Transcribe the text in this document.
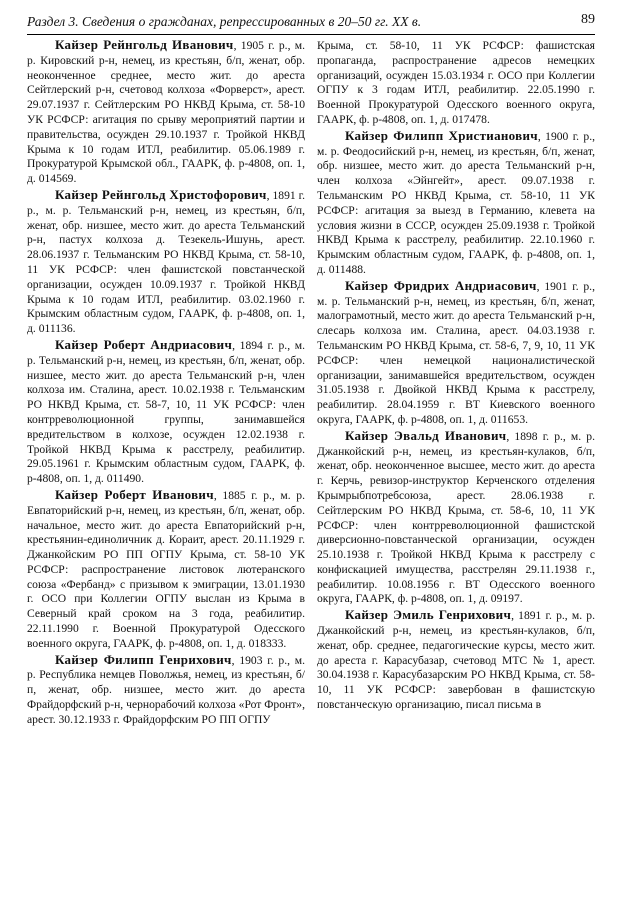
Раздел 3. Сведения о гражданах, репрессированных в 20–50 гг. XX в.	89

Кайзер Рейнгольд Иванович, 1905 г. р., м. р. Кировский р-н, немец, из крестьян, б/п, женат, обр. неоконченное среднее, место жит. до ареста Сейтлерский р-н, счетовод колхоза «Форверст», арест. 29.07.1937 г. Сейтлерским РО НКВД Крыма, ст. 58-10 УК РСФСР: агитация по срыву мероприятий партии и правительства, осужден 29.10.1937 г. Тройкой НКВД Крыма к 10 годам ИТЛ, реабилитир. 05.06.1989 г. Прокуратурой Крымской обл., ГААРК, ф. р-4808, оп. 1, д. 014569.

Кайзер Рейнгольд Христофорович, 1891 г. р., м. р. Тельманский р-н, немец, из крестьян, б/п, женат, обр. низшее, место жит. до ареста Тельманский р-н, пастух колхоза д. Тезекель-Ишунь, арест. 28.06.1937 г. Тельманским РО НКВД Крыма, ст. 58-10, 11 УК РСФСР: член фашистской повстанческой организации, осужден 10.09.1937 г. Тройкой НКВД Крыма к 10 годам ИТЛ, реабилитир. 03.02.1960 г. Крымским областным судом, ГААРК, ф. р-4808, оп. 1, д. 011136.

Кайзер Роберт Андриасович, 1894 г. р., м. р. Тельманский р-н, немец, из крестьян, б/п, женат, обр. низшее, место жит. до ареста Тельманский р-н, член колхоза им. Сталина, арест. 10.02.1938 г. Тельманским РО НКВД Крыма, ст. 58-7, 10, 11 УК РСФСР: член контрреволюционной группы, занимавшейся вредительством в колхозе, осужден 12.02.1938 г. Тройкой НКВД Крыма к расстрелу, реабилитир. 29.05.1961 г. Крымским областным судом, ГААРК, ф. р-4808, оп. 1, д. 011490.

Кайзер Роберт Иванович, 1885 г. р., м. р. Евпаторийский р-н, немец, из крестьян, б/п, женат, обр. начальное, место жит. до ареста Евпаторийский р-н, крестьянин-единоличник д. Кораит, арест. 20.11.1929 г. Джанкойским РО ПП ОГПУ Крыма, ст. 58-10 УК РСФСР: распространение листовок лютеранского союза «Фербанд» с призывом к эмиграции, 13.01.1930 г. ОСО при Коллегии ОГПУ выслан из Крыма в Северный край сроком на 3 года, реабилитир. 22.11.1990 г. Военной Прокуратурой Одесского военного округа, ГААРК, ф. р-4808, оп. 1, д. 018333.

Кайзер Филипп Генрихович, 1903 г. р., м. р. Республика немцев Поволжья, немец, из крестьян, б/п, женат, обр. низшее, место жит. до ареста Фрайдорфский р-н, чернорабочий колхоза «Рот Фронт», арест. 30.12.1933 г. Фрайдорфским РО ПП ОГПУ

Крыма, ст. 58-10, 11 УК РСФСР: фашистская пропаганда, распространение адресов немецких организаций, осужден 15.03.1934 г. ОСО при Коллегии ОГПУ к 3 годам ИТЛ, реабилитир. 22.05.1990 г. Военной Прокуратурой Одесского военного округа, ГААРК, ф. р-4808, оп. 1, д. 017478.

Кайзер Филипп Христианович, 1900 г. р., м. р. Феодосийский р-н, немец, из крестьян, б/п, женат, обр. низшее, место жит. до ареста Тельманский р-н, член колхоза «Эйнгейт», арест. 09.07.1938 г. Тельманским РО НКВД Крыма, ст. 58-10, 11 УК РСФСР: агитация за выезд в Германию, клевета на условия жизни в СССР, осужден 25.09.1938 г. Тройкой НКВД Крыма к расстрелу, реабилитир. 22.10.1960 г. Крымским областным судом, ГААРК, ф. р-4808, оп. 1, д. 011488.

Кайзер Фридрих Андриасович, 1901 г. р., м. р. Тельманский р-н, немец, из крестьян, б/п, женат, малограмотный, место жит. до ареста Тельманский р-н, слесарь колхоза им. Сталина, арест. 04.03.1938 г. Тельманским РО НКВД Крыма, ст. 58-6, 7, 9, 10, 11 УК РСФСР: член немецкой националистической организации, занимавшейся вредительством, осужден 31.05.1938 г. Двойкой НКВД Крыма к расстрелу, реабилитир. 28.04.1959 г. ВТ Киевского военного округа, ГААРК, ф. р-4808, оп. 1, д. 011653.

Кайзер Эвальд Иванович, 1898 г. р., м. р. Джанкойский р-н, немец, из крестьян-кулаков, б/п, женат, обр. неоконченное высшее, место жит. до ареста г. Керчь, ревизор-инструктор Керченского отделения Крымрыбпотребсоюза, арест. 28.06.1938 г. Сейтлерским РО НКВД Крыма, ст. 58-6, 10, 11 УК РСФСР: член контрреволюционной фашистской диверсионно-повстанческой организации, осужден 25.10.1938 г. Тройкой НКВД Крыма к расстрелу с конфискацией имущества, расстрелян 29.11.1938 г., реабилитир. 10.08.1956 г. ВТ Одесского военного округа, ГААРК, ф. р-4808, оп. 1, д. 09197.

Кайзер Эмиль Генрихович, 1891 г. р., м. р. Джанкойский р-н, немец, из крестьян-кулаков, б/п, женат, обр. среднее, педагогические курсы, место жит. до ареста г. Карасубазар, счетовод МТС № 1, арест. 30.04.1938 г. Карасубазарским РО НКВД Крыма, ст. 58-10, 11 УК РСФСР: завербован в фашистскую повстанческую организацию, писал письма в
